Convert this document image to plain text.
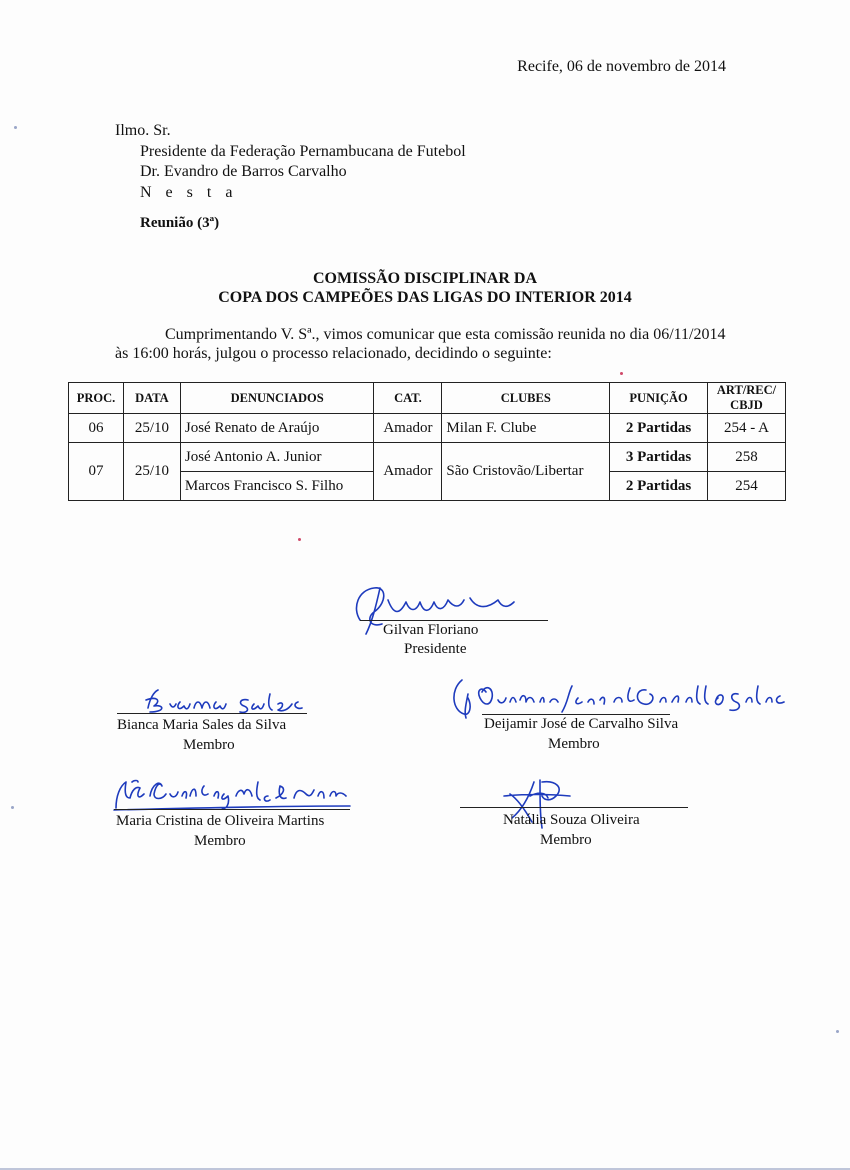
Recife, 06 de novembro de 2014
Ilmo. Sr.
Presidente da Federação Pernambucana de Futebol
Dr. Evandro de Barros Carvalho
N e s t a
Reunião (3ª)
COMISSÃO DISCIPLINAR DA
COPA DOS CAMPEÕES DAS LIGAS DO INTERIOR 2014
Cumprimentando V. Sª., vimos comunicar que esta comissão reunida no dia 06/11/2014
às 16:00 horás, julgou o processo relacionado, decidindo o seguinte:
PROC.	DATA	DENUNCIADOS	CAT.	CLUBES	PUNIÇÃO	ART/REC/ CBJD
06	25/10	José Renato de Araújo	Amador	Milan F. Clube	2 Partidas	254 - A
07	25/10	José Antonio A. Junior	Amador	São Cristovão/Libertar	3 Partidas	258
		Marcos Francisco S. Filho			2 Partidas	254
Gilvan Floriano
Presidente
Bianca Maria Sales da Silva
Membro
Deijamir José de Carvalho Silva
Membro
Maria Cristina de Oliveira Martins
Membro
Natália Souza Oliveira
Membro
